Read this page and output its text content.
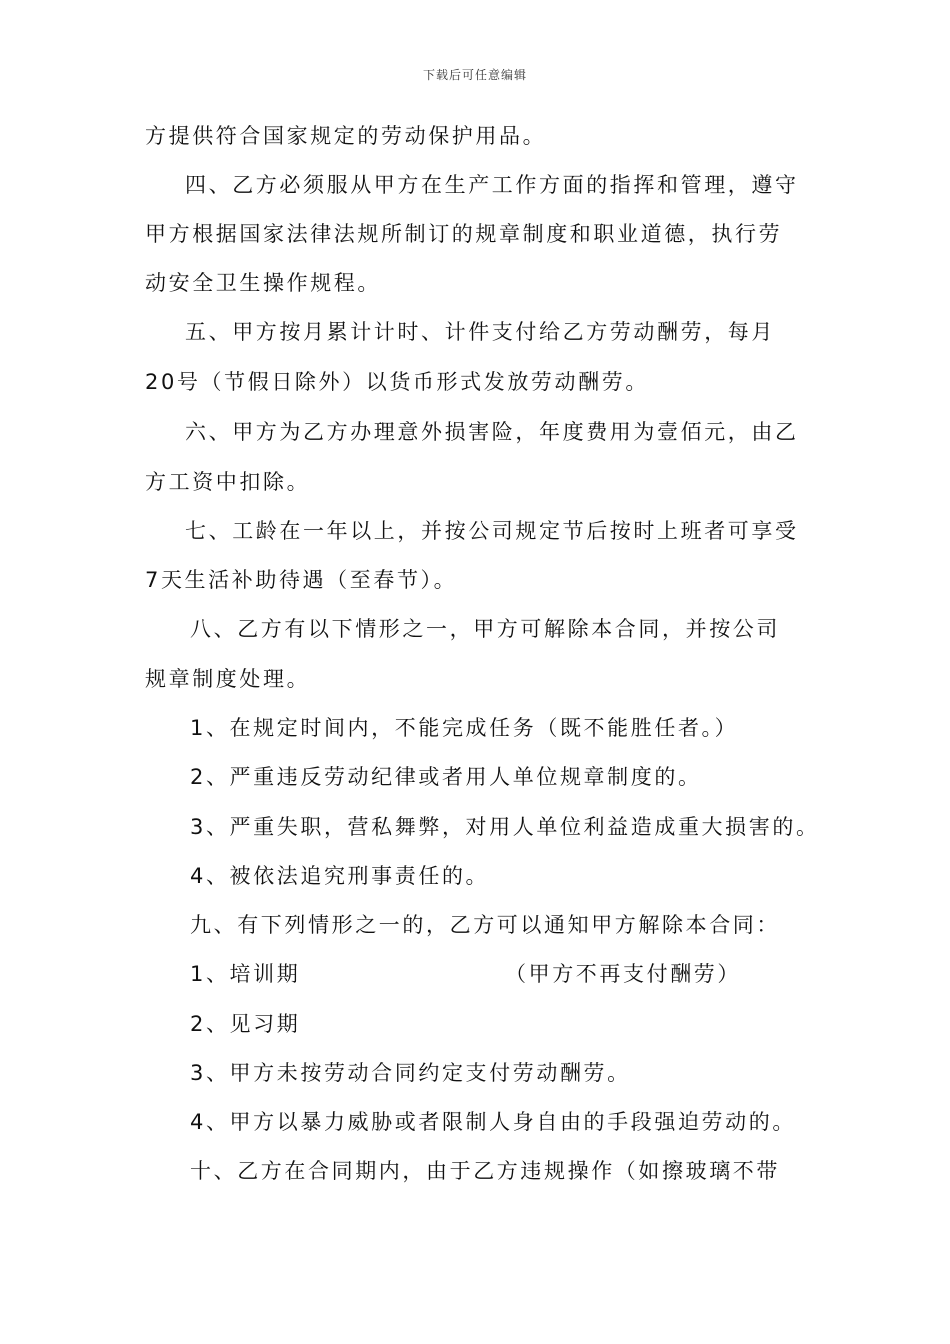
下载后可任意编辑
方提供符合国家规定的劳动保护用品。
四、乙方必须服从甲方在生产工作方面的指挥和管理，遵守
甲方根据国家法律法规所制订的规章制度和职业道德，执行劳
动安全卫生操作规程。
五、甲方按月累计计时、计件支付给乙方劳动酬劳，每月
20号（节假日除外）以货币形式发放劳动酬劳。
六、甲方为乙方办理意外损害险，年度费用为壹佰元，由乙
方工资中扣除。
七、工龄在一年以上，并按公司规定节后按时上班者可享受
7天生活补助待遇（至春节）。
八、乙方有以下情形之一，甲方可解除本合同，并按公司
规章制度处理。
1、在规定时间内，不能完成任务（既不能胜任者。）
2、严重违反劳动纪律或者用人单位规章制度的。
3、严重失职，营私舞弊，对用人单位利益造成重大损害的。
4、被依法追究刑事责任的。
九、有下列情形之一的，乙方可以通知甲方解除本合同：
1、培训期	（甲方不再支付酬劳）
2、见习期
3、甲方未按劳动合同约定支付劳动酬劳。
4、甲方以暴力威胁或者限制人身自由的手段强迫劳动的。
十、乙方在合同期内，由于乙方违规操作（如擦玻璃不带
